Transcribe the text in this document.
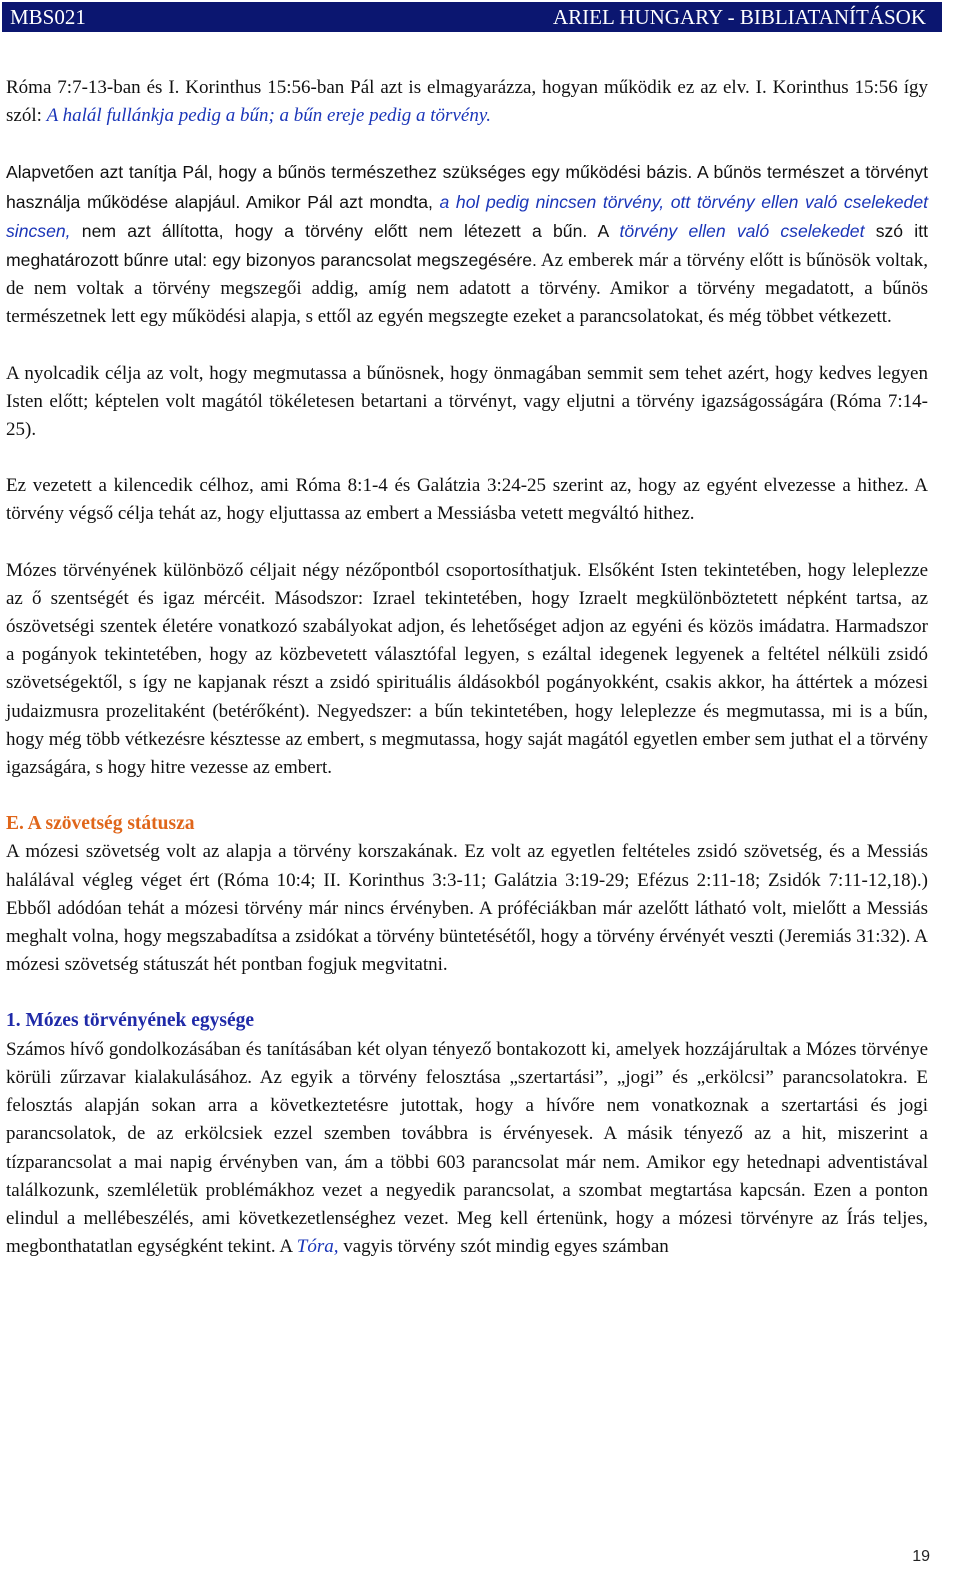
MBS021	ARIEL HUNGARY - BIBLIATANÍTÁSOK

Róma 7:7-13-ban és I. Korinthus 15:56-ban Pál azt is elmagyarázza, hogyan működik ez az elv. I. Korinthus 15:56 így szól: A halál fullánkja pedig a bűn; a bűn ereje pedig a törvény.

Alapvetően azt tanítja Pál, hogy a bűnös természethez szükséges egy működési bázis. A bűnös természet a törvényt használja működése alapjául. Amikor Pál azt mondta, a hol pedig nincsen törvény, ott törvény ellen való cselekedet sincsen, nem azt állította, hogy a törvény előtt nem létezett a bűn. A törvény ellen való cselekedet szó itt meghatározott bűnre utal: egy bizonyos parancsolat megszegésére. Az emberek már a törvény előtt is bűnösök voltak, de nem voltak a törvény megszegői addig, amíg nem adatott a törvény. Amikor a törvény megadatott, a bűnös természetnek lett egy működési alapja, s ettől az egyén megszegte ezeket a parancsolatokat, és még többet vétkezett.

A nyolcadik célja az volt, hogy megmutassa a bűnösnek, hogy önmagában semmit sem tehet azért, hogy kedves legyen Isten előtt; képtelen volt magától tökéletesen betartani a törvényt, vagy eljutni a törvény igazságosságára (Róma 7:14-25).

Ez vezetett a kilencedik célhoz, ami Róma 8:1-4 és Galátzia 3:24-25 szerint az, hogy az egyént elvezesse a hithez. A törvény végső célja tehát az, hogy eljuttassa az embert a Messiásba vetett megváltó hithez.

Mózes törvényének különböző céljait négy nézőpontból csoportosíthatjuk. Elsőként Isten tekintetében, hogy leleplezze az ő szentségét és igaz mércéit. Másodszor: Izrael tekintetében, hogy Izraelt megkülönböztetett népként tartsa, az ószövetségi szentek életére vonatkozó szabályokat adjon, és lehetőséget adjon az egyéni és közös imádatra. Harmadszor a pogányok tekintetében, hogy az közbevetett választófal legyen, s ezáltal idegenek legyenek a feltétel nélküli zsidó szövetségektől, s így ne kapjanak részt a zsidó spirituális áldásokból pogányokként, csakis akkor, ha áttértek a mózesi judaizmusra prozelitaként (betérőként). Negyedszer: a bűn tekintetében, hogy leleplezze és megmutassa, mi is a bűn, hogy még több vétkezésre késztesse az embert, s megmutassa, hogy saját magától egyetlen ember sem juthat el a törvény igazságára, s hogy hitre vezesse az embert.

E. A szövetség státusza

A mózesi szövetség volt az alapja a törvény korszakának. Ez volt az egyetlen feltételes zsidó szövetség, és a Messiás halálával végleg véget ért (Róma 10:4; II. Korinthus 3:3-11; Galátzia 3:19-29; Efézus 2:11-18; Zsidók 7:11-12,18).) Ebből adódóan tehát a mózesi törvény már nincs érvényben. A próféciákban már azelőtt látható volt, mielőtt a Messiás meghalt volna, hogy megszabadítsa a zsidókat a törvény büntetésétől, hogy a törvény érvényét veszti (Jeremiás 31:32). A mózesi szövetség státuszát hét pontban fogjuk megvitatni.

1. Mózes törvényének egysége

Számos hívő gondolkozásában és tanításában két olyan tényező bontakozott ki, amelyek hozzájárultak a Mózes törvénye körüli zűrzavar kialakulásához. Az egyik a törvény felosztása „szertartási”, „jogi” és „erkölcsi” parancsolatokra. E felosztás alapján sokan arra a következtetésre jutottak, hogy a hívőre nem vonatkoznak a szertartási és jogi parancsolatok, de az erkölcsiek ezzel szemben továbbra is érvényesek. A másik tényező az a hit, miszerint a tízparancsolat a mai napig érvényben van, ám a többi 603 parancsolat már nem. Amikor egy hetednapi adventistával találkozunk, szemléletük problémákhoz vezet a negyedik parancsolat, a szombat megtartása kapcsán. Ezen a ponton elindul a mellébeszélés, ami következetlenséghez vezet. Meg kell értenünk, hogy a mózesi törvényre az Írás teljes, megbonthatatlan egységként tekint. A Tóra, vagyis törvény szót mindig egyes számban

19
